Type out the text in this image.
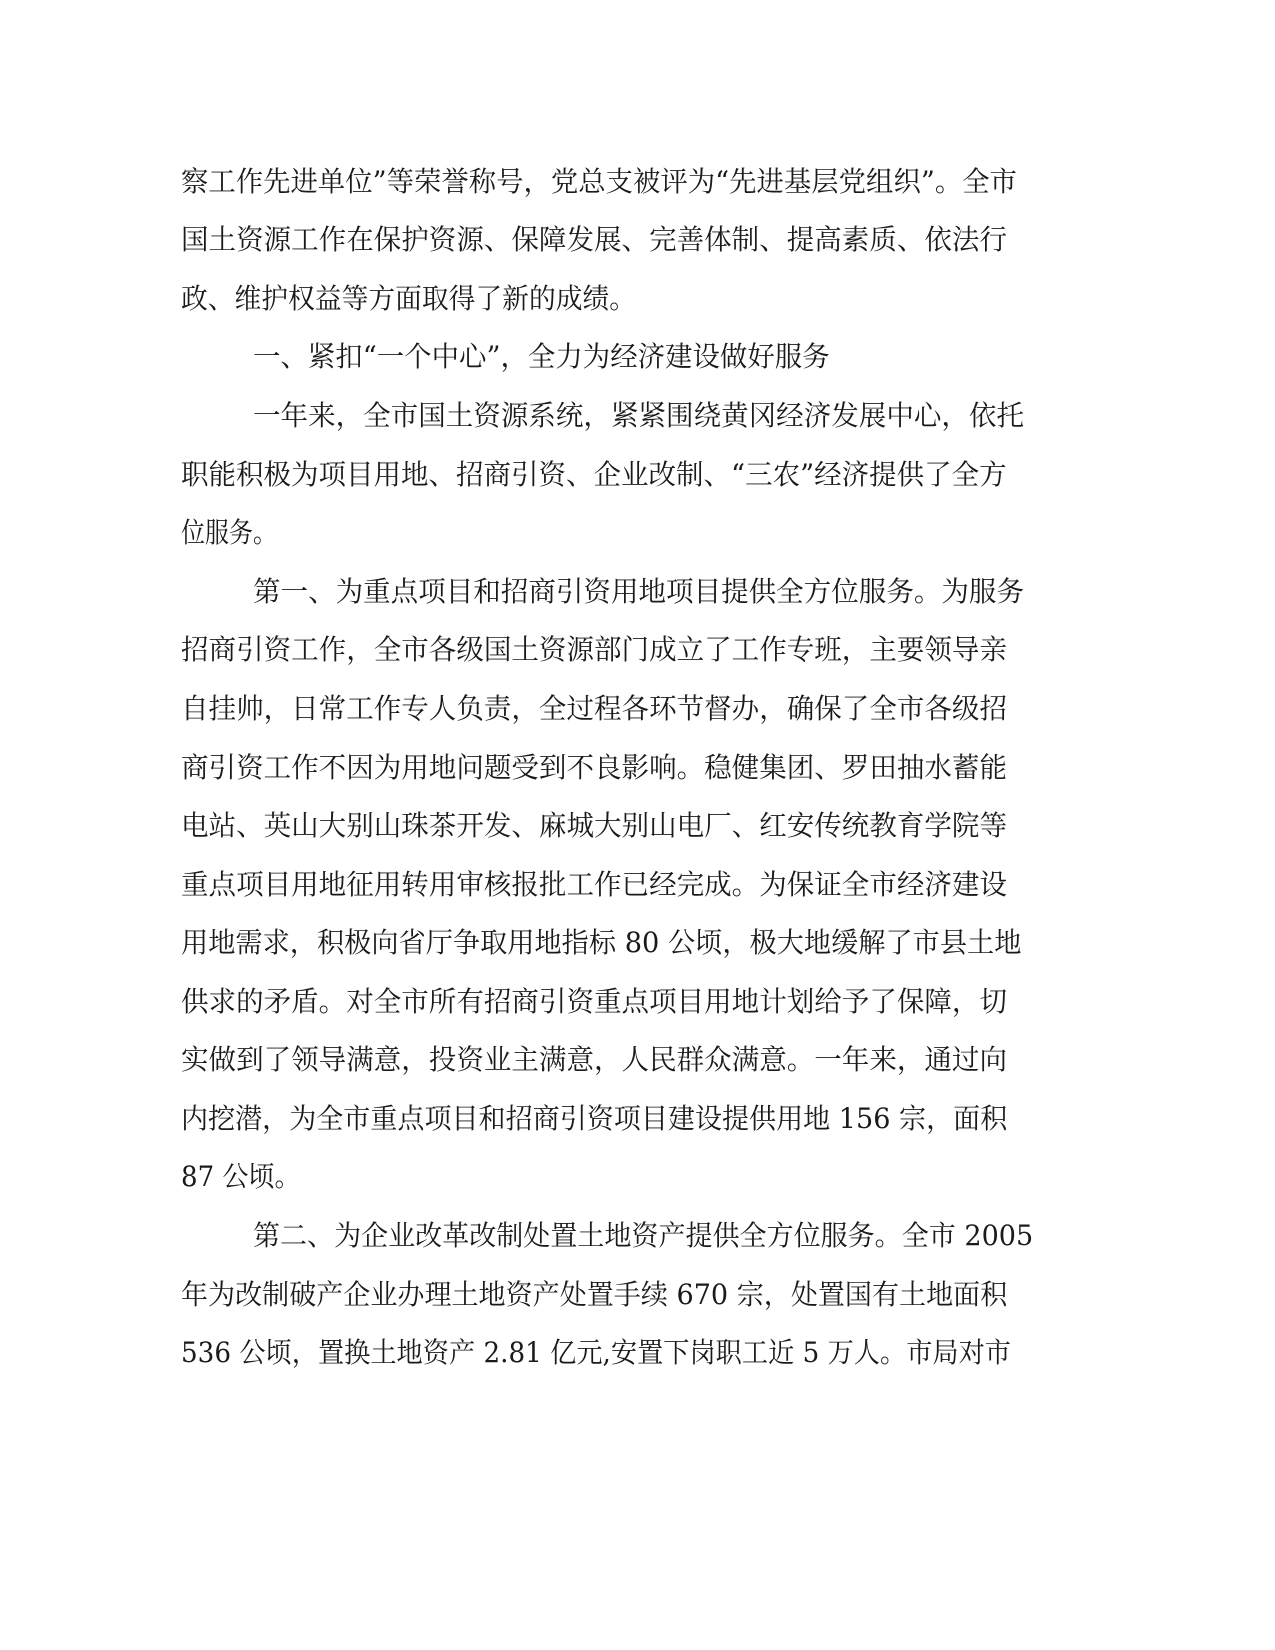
察工作先进单位”等荣誉称号，党总支被评为“先进基层党组织”。全市
国土资源工作在保护资源、保障发展、完善体制、提高素质、依法行
政、维护权益等方面取得了新的成绩。
一、紧扣“一个中心”，全力为经济建设做好服务
一年来，全市国土资源系统，紧紧围绕黄冈经济发展中心，依托
职能积极为项目用地、招商引资、企业改制、“三农”经济提供了全方
位服务。
第一、为重点项目和招商引资用地项目提供全方位服务。为服务
招商引资工作，全市各级国土资源部门成立了工作专班，主要领导亲
自挂帅，日常工作专人负责，全过程各环节督办，确保了全市各级招
商引资工作不因为用地问题受到不良影响。稳健集团、罗田抽水蓄能
电站、英山大别山珠茶开发、麻城大别山电厂、红安传统教育学院等
重点项目用地征用转用审核报批工作已经完成。为保证全市经济建设
用地需求，积极向省厅争取用地指标 80 公顷，极大地缓解了市县土地
供求的矛盾。对全市所有招商引资重点项目用地计划给予了保障，切
实做到了领导满意，投资业主满意，人民群众满意。一年来，通过向
内挖潜，为全市重点项目和招商引资项目建设提供用地 156 宗，面积
87 公顷。
第二、为企业改革改制处置土地资产提供全方位服务。全市 2005
年为改制破产企业办理土地资产处置手续 670 宗，处置国有土地面积
536 公顷，置换土地资产 2.81 亿元,安置下岗职工近 5 万人。市局对市
